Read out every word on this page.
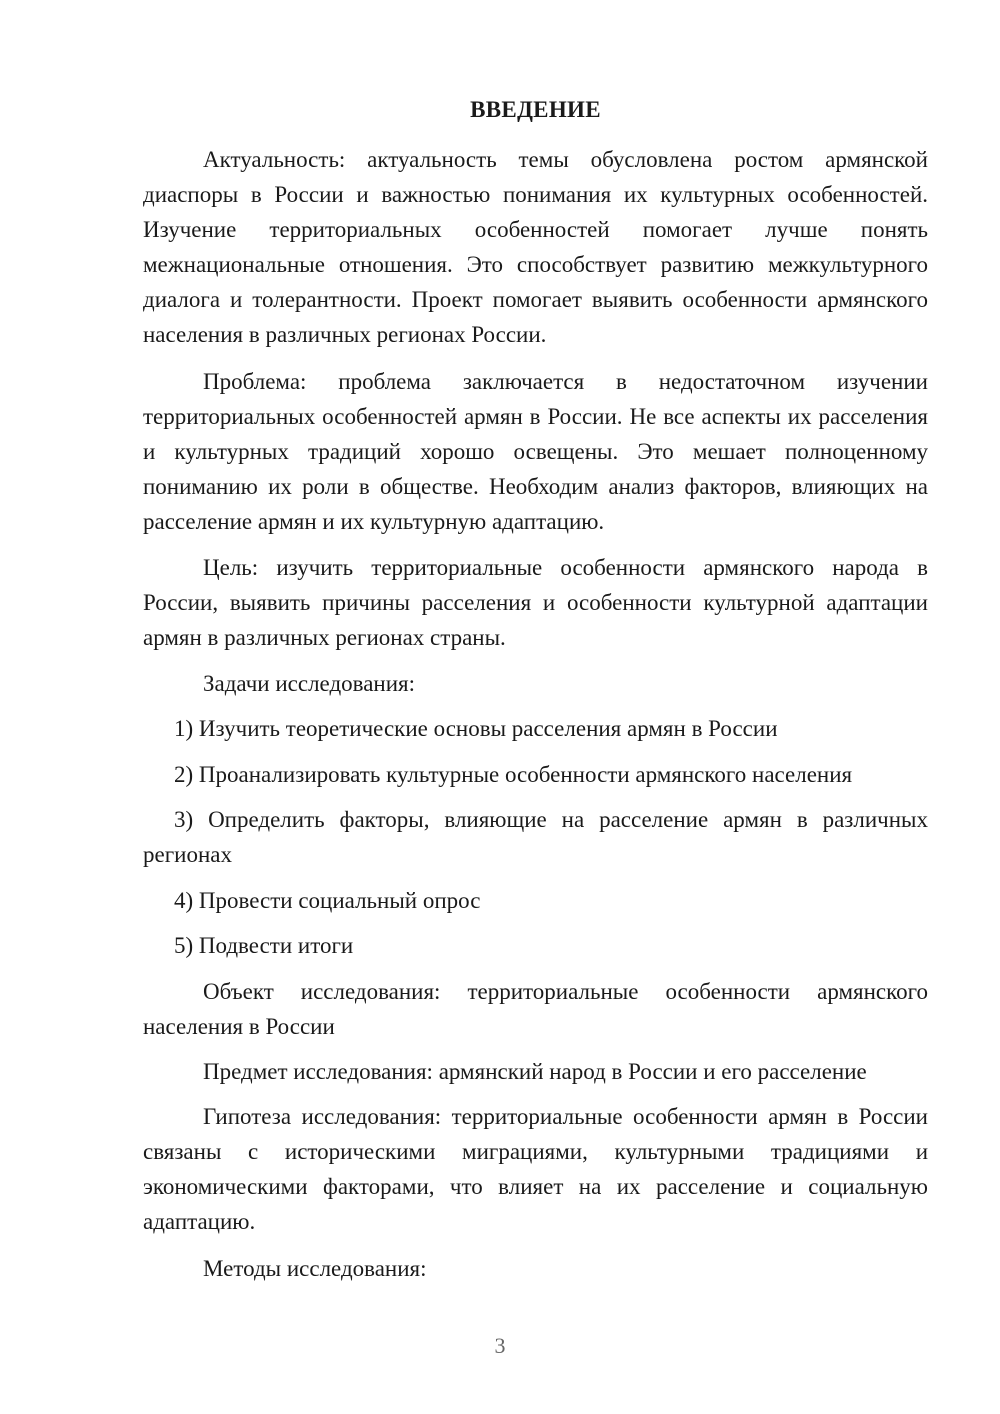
ВВЕДЕНИЕ

Актуальность: актуальность темы обусловлена ростом армянской диаспоры в России и важностью понимания их культурных особенностей. Изучение территориальных особенностей помогает лучше понять межнациональные отношения. Это способствует развитию межкультурного диалога и толерантности. Проект помогает выявить особенности армянского населения в различных регионах России.

Проблема: проблема заключается в недостаточном изучении территориальных особенностей армян в России. Не все аспекты их расселения и культурных традиций хорошо освещены. Это мешает полноценному пониманию их роли в обществе. Необходим анализ факторов, влияющих на расселение армян и их культурную адаптацию.

Цель: изучить территориальные особенности армянского народа в России, выявить причины расселения и особенности культурной адаптации армян в различных регионах страны.

Задачи исследования:

1) Изучить теоретические основы расселения армян в России

2) Проанализировать культурные особенности армянского населения

3) Определить факторы, влияющие на расселение армян в различных регионах

4) Провести социальный опрос

5) Подвести итоги

Объект исследования: территориальные особенности армянского населения в России

Предмет исследования: армянский народ в России и его расселение

Гипотеза исследования: территориальные особенности армян в России связаны с историческими миграциями, культурными традициями и экономическими факторами, что влияет на их расселение и социальную адаптацию.

Методы исследования:

3
